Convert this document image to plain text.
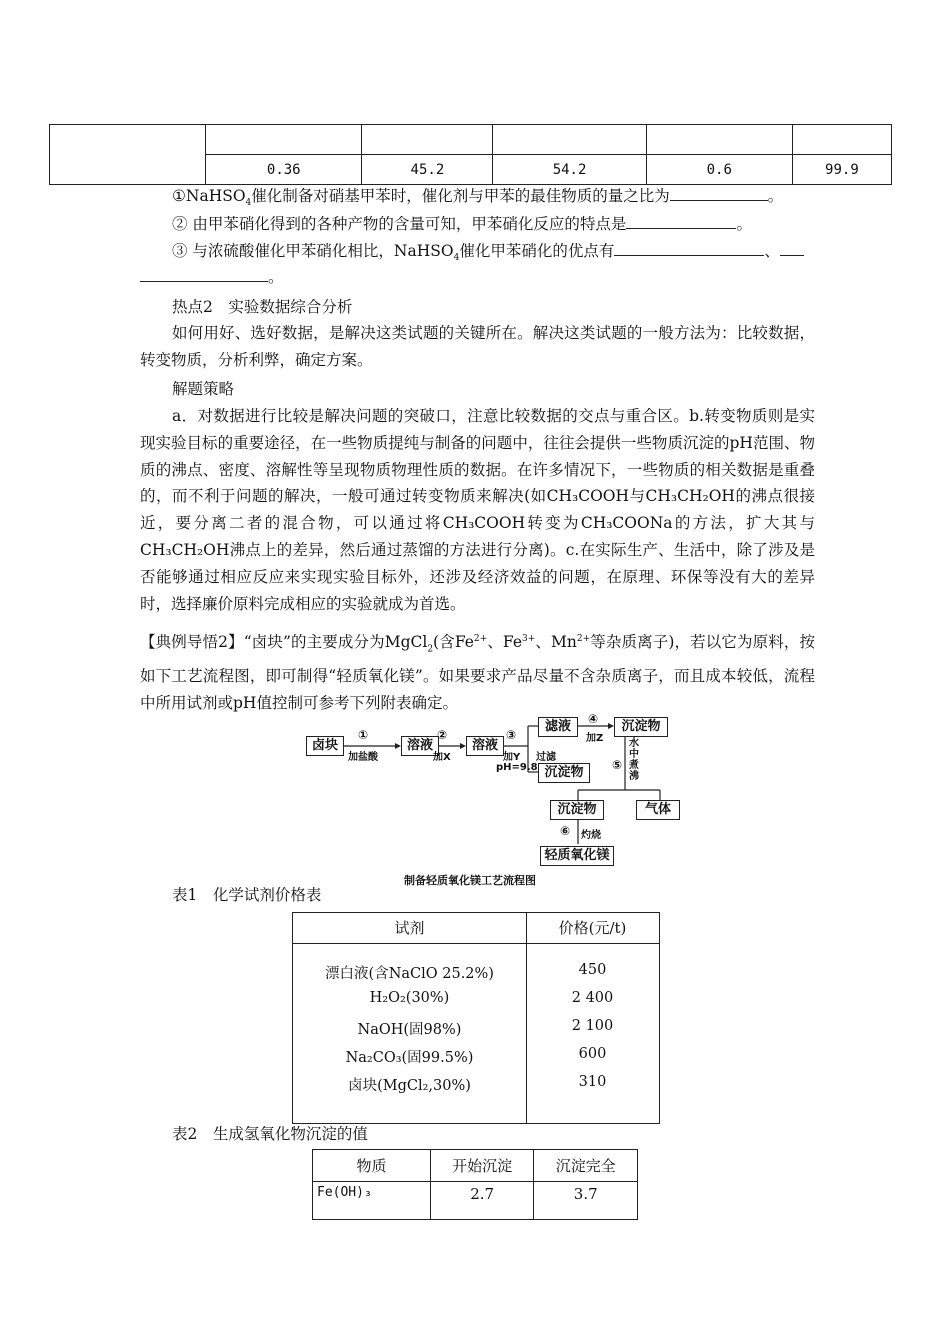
	0.36	45.2	54.2	0.6	99.9
①NaHSO$_4$催化制备对硝基甲苯时，催化剂与甲苯的最佳物质的量之比为	。
② 由甲苯硝化得到的各种产物的含量可知，甲苯硝化反应的特点是	。
③ 与浓硫酸催化甲苯硝化相比，NaHSO$_4$催化甲苯硝化的优点有	、
。
热点2　实验数据综合分析
如何用好、选好数据，是解决这类试题的关键所在。解决这类试题的一般方法为：比较数据，转变物质，分析利弊，确定方案。
解题策略
a．对数据进行比较是解决问题的突破口，注意比较数据的交点与重合区。b.转变物质则是实现实验目标的重要途径，在一些物质提纯与制备的问题中，往往会提供一些物质沉淀的pH范围、物质的沸点、密度、溶解性等呈现物质物理性质的数据。在许多情况下，一些物质的相关数据是重叠的，而不利于问题的解决，一般可通过转变物质来解决(如CH₃COOH与CH₃CH₂OH的沸点很接近，要分离二者的混合物，可以通过将CH₃COOH转变为CH₃COONa的方法，扩大其与CH₃CH₂OH沸点上的差异，然后通过蒸馏的方法进行分离)。c.在实际生产、生活中，除了涉及是否能够通过相应反应来实现实验目标外，还涉及经济效益的问题，在原理、环保等没有大的差异时，选择廉价原料完成相应的实验就成为首选。
【典例导悟2】“卤块”的主要成分为MgCl$_2$(含$Fe^{2+}$、$Fe^{3+}$、$Mn^{2+}$等杂质离子)，若以它为原料，按如下工艺流程图，即可制得“轻质氧化镁”。如果要求产品尽量不含杂质离子，而且成本较低，流程中所用试剂或pH值控制可参考下列附表确定。
卤块	溶液	溶液
滤液
沉淀物
沉淀物
沉淀物	气体
轻质氧化镁
①
加盐酸
②
加X
③
加Y
pH=9.8
过滤
④
加Z
⑤
水中煮沸
⑥ 灼烧
制备轻质氧化镁工艺流程图
表1　化学试剂价格表
试剂	价格(元/t)
漂白液(含NaClO 25.2%)	450
H₂O₂(30%)	2 400
NaOH(固98%)	2 100
Na₂CO₃(固99.5%)	600
卤块(MgCl₂,30%)	310
表2　生成氢氧化物沉淀的值
物质	开始沉淀	沉淀完全
Fe(OH)₃	2.7	3.7
